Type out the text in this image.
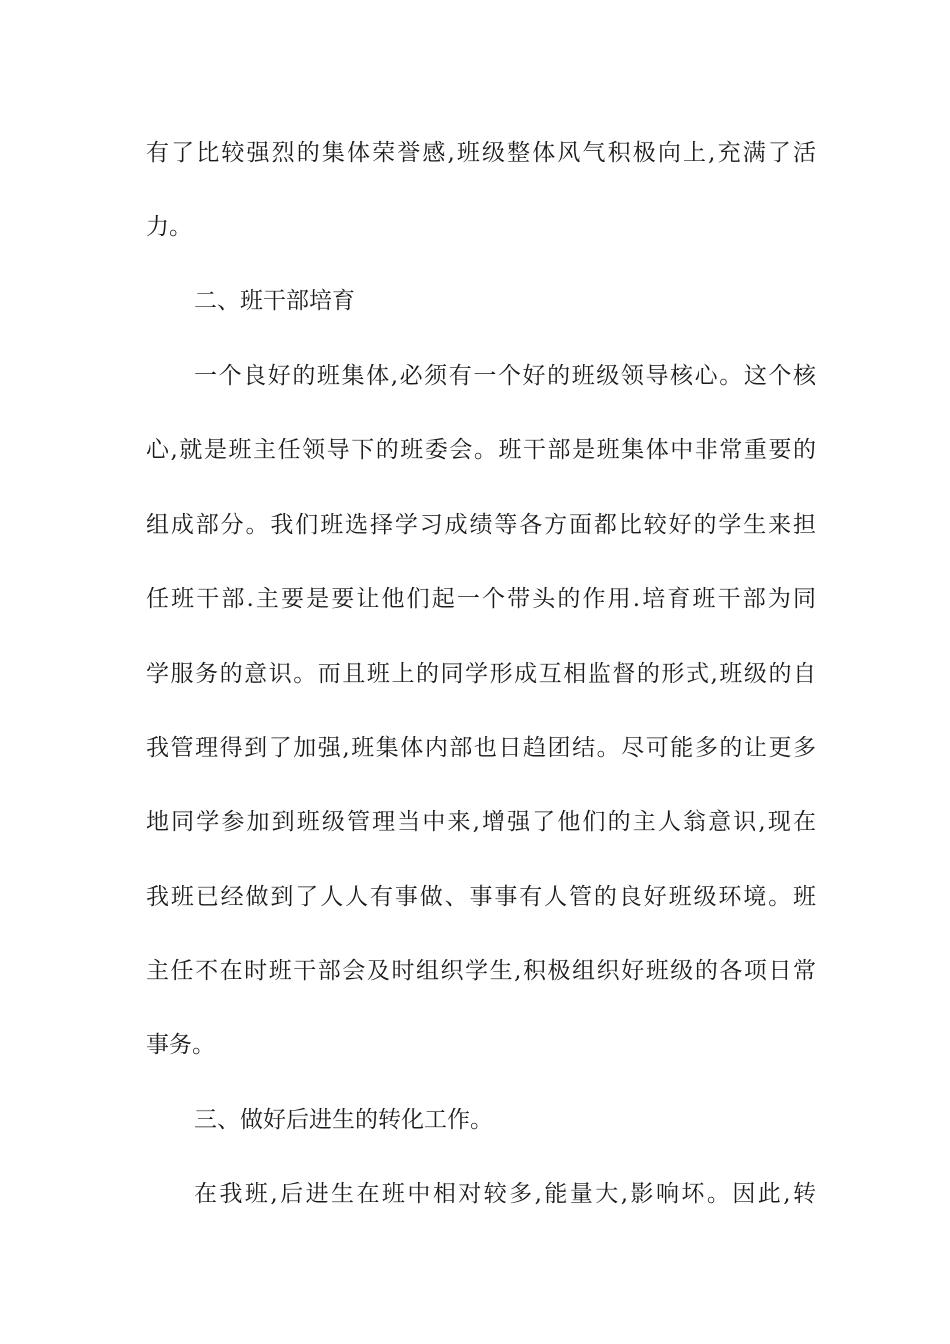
有了比较强烈的集体荣誉感,班级整体风气积极向上,充满了活
力。
二、班干部培育
一个良好的班集体,必须有一个好的班级领导核心。这个核
心,就是班主任领导下的班委会。班干部是班集体中非常重要的
组成部分。我们班选择学习成绩等各方面都比较好的学生来担
任班干部.主要是要让他们起一个带头的作用.培育班干部为同
学服务的意识。而且班上的同学形成互相监督的形式,班级的自
我管理得到了加强,班集体内部也日趋团结。尽可能多的让更多
地同学参加到班级管理当中来,增强了他们的主人翁意识,现在
我班已经做到了人人有事做、事事有人管的良好班级环境。班
主任不在时班干部会及时组织学生,积极组织好班级的各项日常
事务。
三、做好后进生的转化工作。
在我班,后进生在班中相对较多,能量大,影响坏。因此,转
